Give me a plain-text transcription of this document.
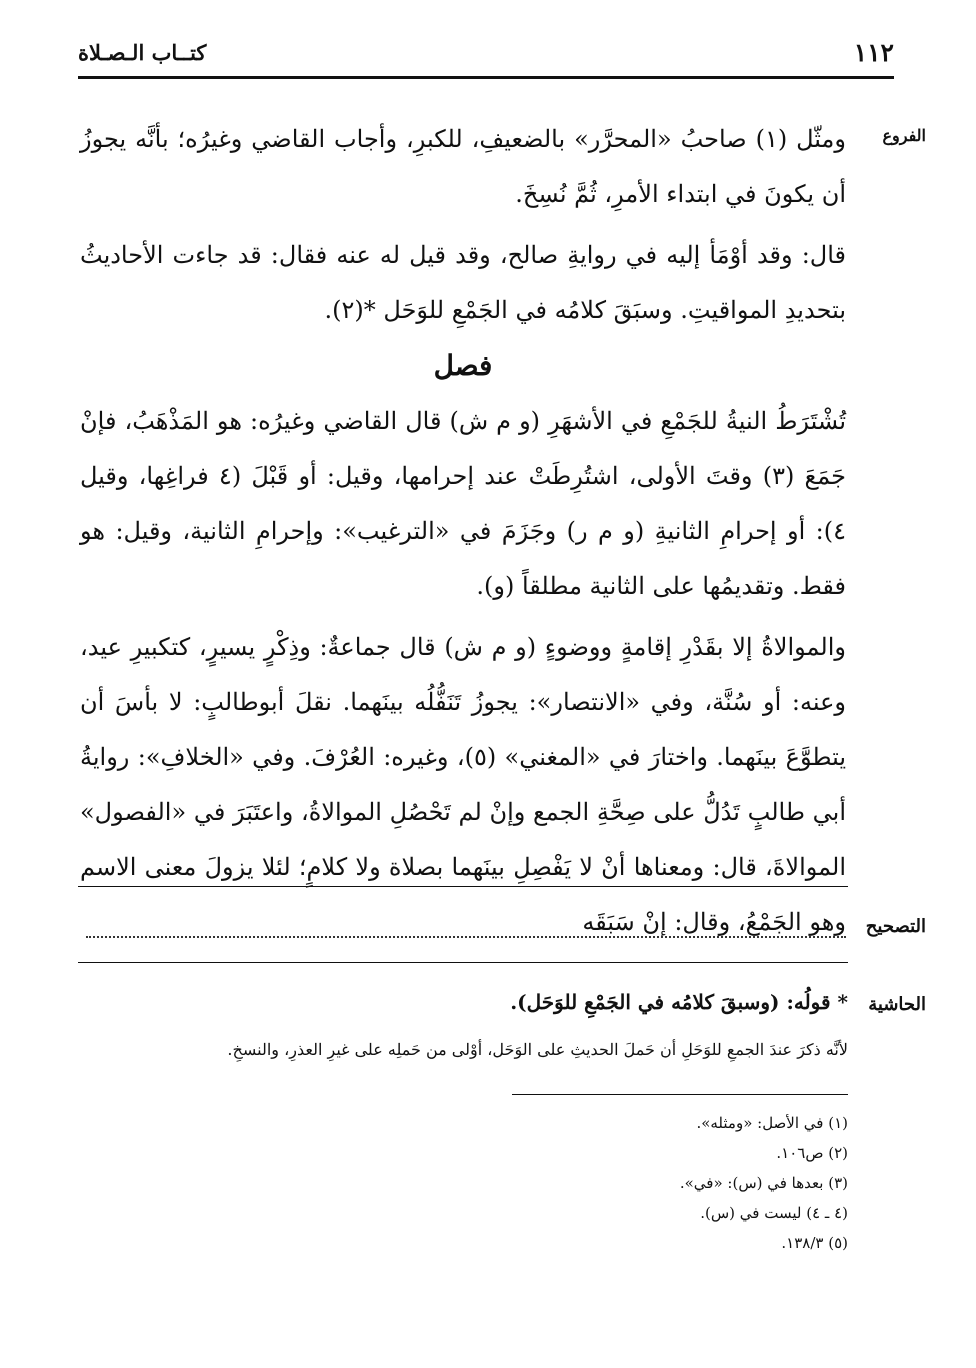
كتــاب الـصـلاة	١١٢
الفروع

ومثّل (١) صاحبُ «المحرَّر» بالضعيفِ، للكبرِ، وأجاب القاضي وغيرُه؛ بأنَّه يجوزُ أن يكونَ في ابتداء الأمرِ، ثُمَّ نُسِخَ.

قال: وقد أوْمَأ إليه في روايةِ صالح، وقد قيل له عنه فقال: قد جاءت الأحاديثُ بتحديدِ المواقيتِ. وسبَقَ كلامُه في الجَمْعِ للوَحَل *(٢).

فصل

تُشْتَرَطُ النيةُ للجَمْعِ في الأشهَرِ (و م ش) قال القاضي وغيرُه: هو المَذْهَبُ، فإنْ جَمَعَ (٣) وقتَ الأولى، اشتُرِطَتْ عند إحرامها، وقيل: أو قَبْلَ (٤ فراغِها، وقيل ٤): أو إحرامِ الثانيةِ (و م ر) وجَزَمَ في «الترغيب»: وإحرامِ الثانية، وقيل: هو فقط. وتقديمُها على الثانية مطلقاً (و).

والموالاةُ إلا بقَدْرِ إقامةٍ ووضوءٍ (و م ش) قال جماعةٌ: وذِكْرٍ يسيرٍ، كتكبيرِ عيد، وعنه: أو سُنَّة، وفي «الانتصار»: يجوزُ تَنَفُّلُه بينَهما. نقلَ أبوطالبٍ: لا بأسَ أن يتطوَّعَ بينَهما. واختارَ في «المغني» (٥)، وغيره: العُرْفَ. وفي «الخلافِ»: روايةُ أبي طالبٍ تَدُلُّ على صِحَّةِ الجمع وإنْ لم تَحْصُلِ الموالاةُ، واعتَبَرَ في «الفصول» الموالاةَ، قال: ومعناها أنْ لا يَفْصِلِ بينَهما بصلاة ولا كلامٍ؛ لئلا يزولَ معنى الاسم وهو الجَمْعُ، وقال: إنْ سَبَقَه التصحيح
الحاشية
* قولُه: (وسبقَ كلامُه في الجَمْعِ للوَحَل).
لأنَّه ذكرَ عندَ الجمعِ للوَحَلِ أن حَملَ الحديثِ على الوَحَل، أوْلى من حَملِه على غيرِ العذرِ، والنسخِ.
(١) في الأصل: «ومثله».
(٢) ص١٠٦.
(٣) بعدها في (س): «في».
(٤ ـ ٤) ليست في (س).
(٥) ١٣٨/٣.
